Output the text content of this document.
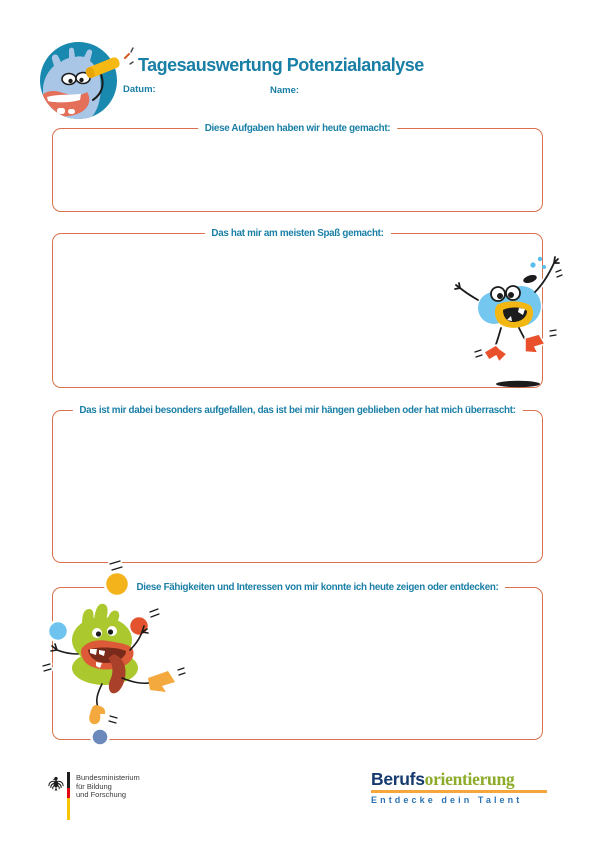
Tagesauswertung Potenzialanalyse
Datum:	Name:
Diese Aufgaben haben wir heute gemacht:
Das hat mir am meisten Spaß gemacht:
Das ist mir dabei besonders aufgefallen, das ist bei mir hängen geblieben oder hat mich überrascht:
Diese Fähigkeiten und Interessen von mir konnte ich heute zeigen oder entdecken:
Bundesministerium
für Bildung
und Forschung
Berufsorientierung
Entdecke dein Talent
